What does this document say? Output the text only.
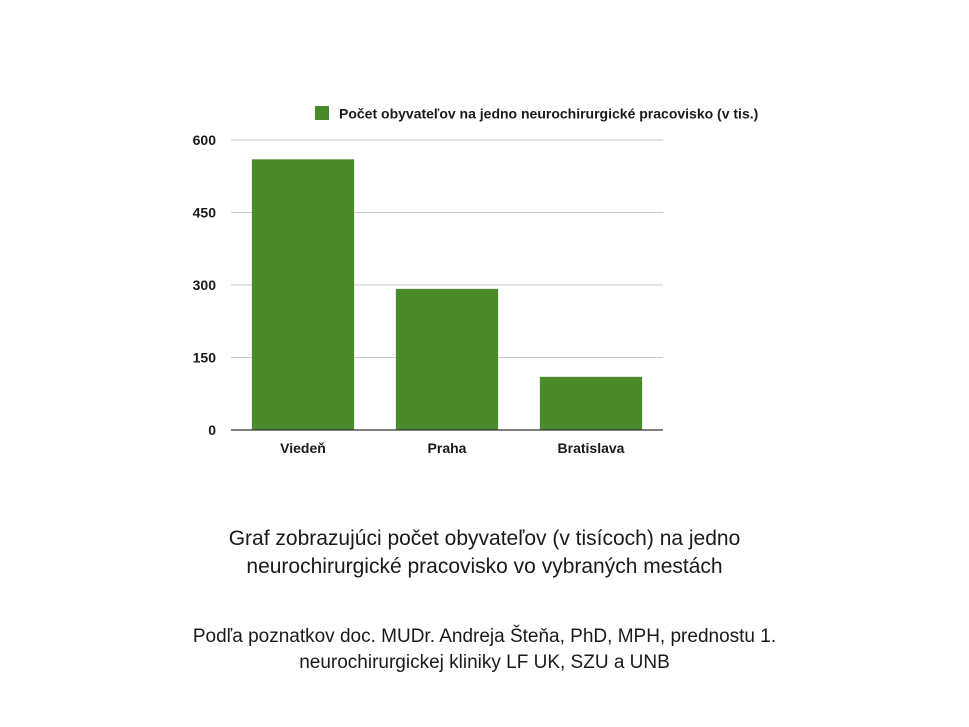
0
150
300
450
600
Viedeň	Praha	Bratislava
Počet obyvateľov na jedno neurochirurgické pracovisko (v tis.)
Graf zobrazujúci počet obyvateľov (v tisícoch) na jedno
neurochirurgické pracovisko vo vybraných mestách
Podľa poznatkov doc. MUDr. Andreja Šteňa, PhD, MPH, prednostu 1.
neurochirurgickej kliniky LF UK, SZU a UNB
